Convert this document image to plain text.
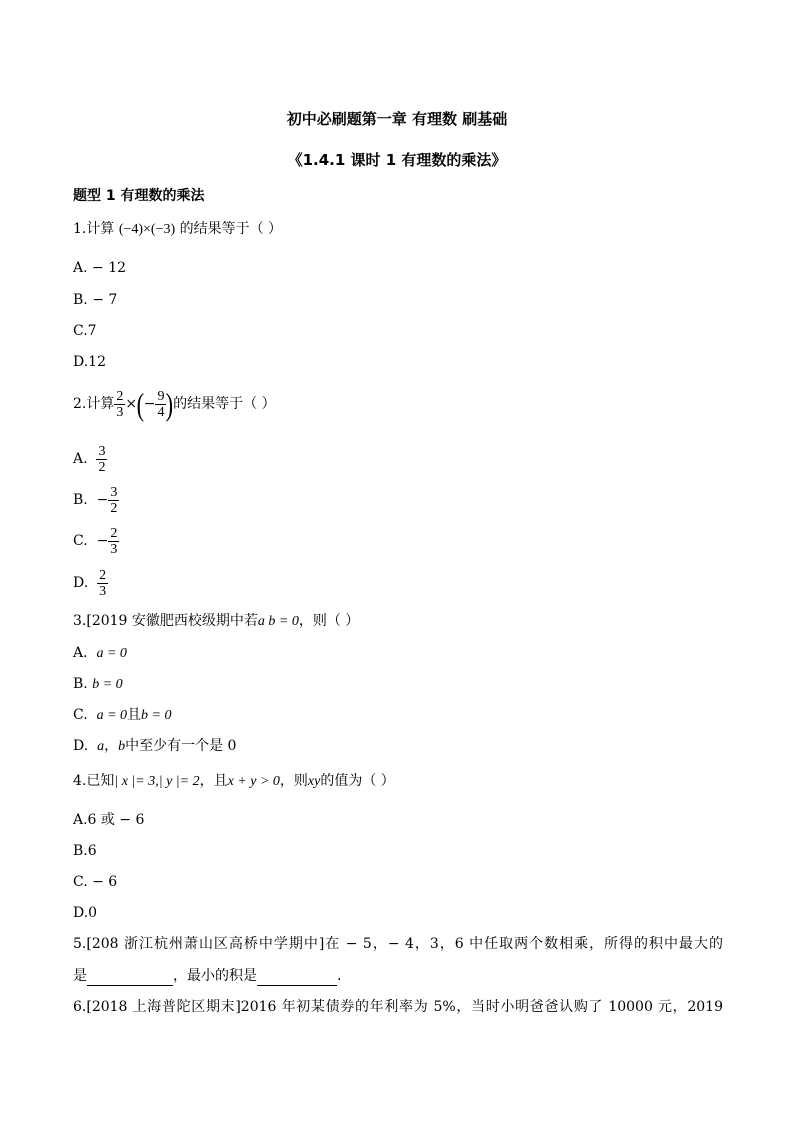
初中必刷题第一章 有理数 刷基础
《1.4.1 课时 1 有理数的乘法》
题型 1 有理数的乘法
1.计算 (−4)×(−3) 的结果等于（ ）
A. − 12
B. − 7
C.7
D.12
2.计算 $\frac{2}{3}$ ×(− $\frac{9}{4}$ )的结果等于（ ）
A. $\frac{3}{2}$
B. − $\frac{3}{2}$
C. − $\frac{2}{3}$
D. $\frac{2}{3}$
3.[2019 安徽肥西校级期中若a b = 0，则（ ）
A. a = 0
B. b = 0
C. a = 0且b = 0
D. a，b中至少有一个是 0
4.已知| x |= 3,| y |= 2，且x + y > 0，则xy的值为（ ）
A.6 或 − 6
B.6
C. − 6
D.0
5.[208 浙江杭州萧山区高桥中学期中]在 − 5，− 4，3，6 中任取两个数相乘，所得的积中最大的
是	，最小的积是	.
6.[2018 上海普陀区期末]2016 年初某债券的年利率为 5%，当时小明爸爸认购了 10000 元，2019
